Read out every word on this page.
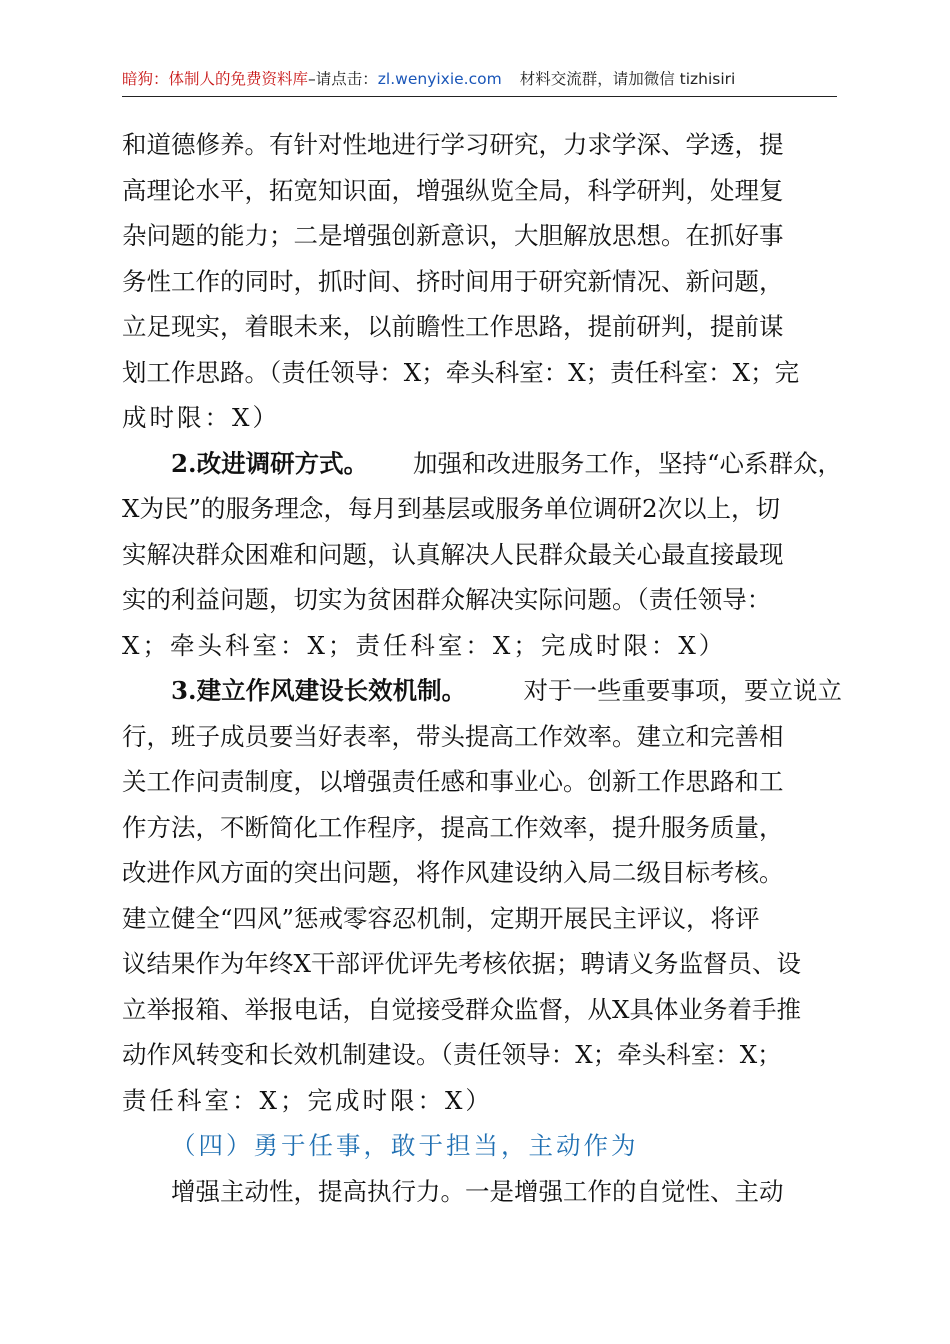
暗狗：体制人的免费资料库–请点击：zl.wenyixie.com 材料交流群，请加微信 tizhisiri
和道德修养。有针对性地进行学习研究，力求学深、学透，提
高理论水平，拓宽知识面，增强纵览全局，科学研判，处理复
杂问题的能力；二是增强创新意识，大胆解放思想。在抓好事
务性工作的同时，抓时间、挤时间用于研究新情况、新问题，
立足现实，着眼未来，以前瞻性工作思路，提前研判，提前谋
划工作思路。（责任领导：X；牵头科室：X；责任科室：X；完
成时限：X）
2.改进调研方式。 加强和改进服务工作，坚持“心系群众，
X为民”的服务理念，每月到基层或服务单位调研2次以上，切
实解决群众困难和问题，认真解决人民群众最关心最直接最现
实的利益问题，切实为贫困群众解决实际问题。（责任领导：
X；牵头科室：X；责任科室：X；完成时限：X）
3.建立作风建设长效机制。 对于一些重要事项，要立说立
行，班子成员要当好表率，带头提高工作效率。建立和完善相
关工作问责制度，以增强责任感和事业心。创新工作思路和工
作方法，不断简化工作程序，提高工作效率，提升服务质量，
改进作风方面的突出问题，将作风建设纳入局二级目标考核。
建立健全“四风”惩戒零容忍机制，定期开展民主评议，将评
议结果作为年终X干部评优评先考核依据；聘请义务监督员、设
立举报箱、举报电话，自觉接受群众监督，从X具体业务着手推
动作风转变和长效机制建设。（责任领导：X；牵头科室：X；
责任科室：X；完成时限：X）
（四）勇于任事，敢于担当，主动作为
增强主动性，提高执行力。一是增强工作的自觉性、主动
